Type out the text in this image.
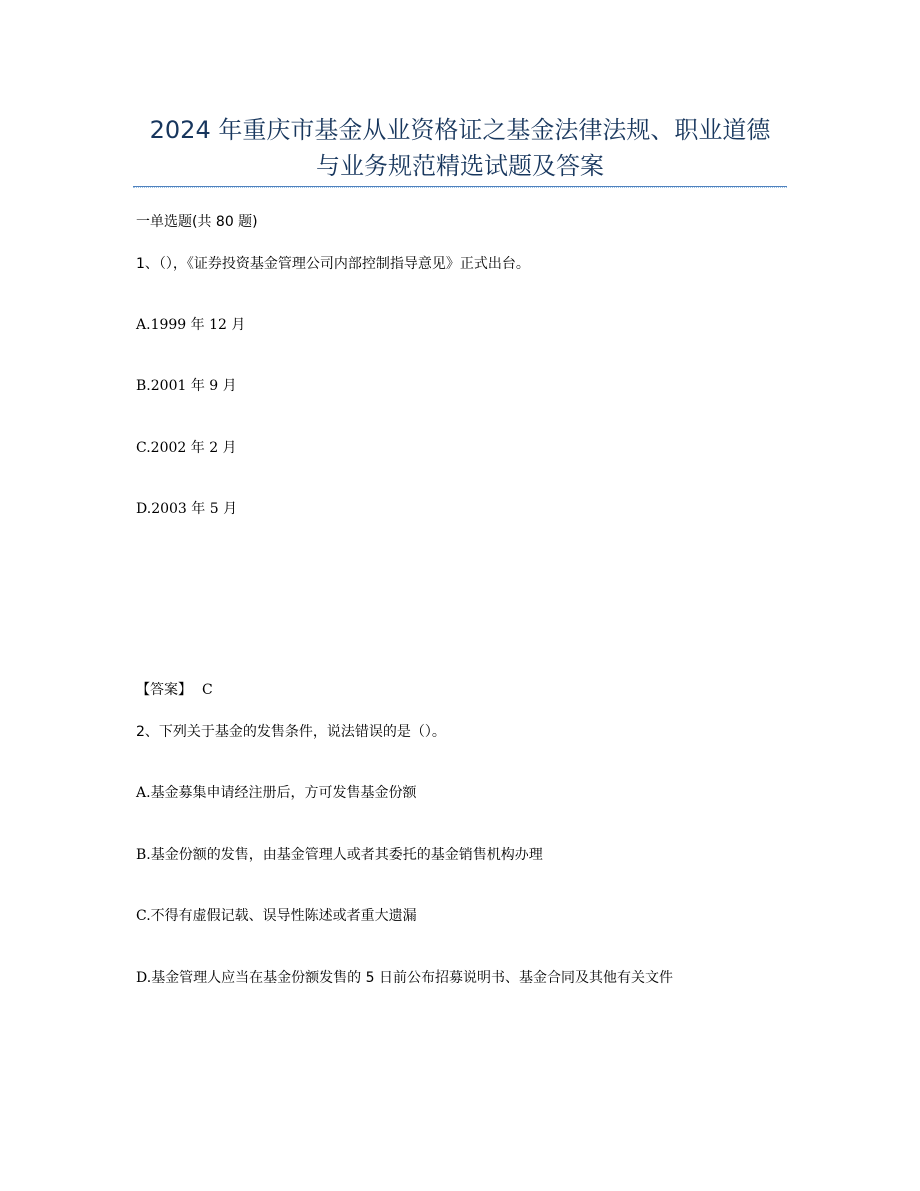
2024 年重庆市基金从业资格证之基金法律法规、职业道德
与业务规范精选试题及答案
一单选题(共 80 题)
1、（），《证券投资基金管理公司内部控制指导意见》正式出台。
A.1999 年 12 月
B.2001 年 9 月
C.2002 年 2 月
D.2003 年 5 月
【答案】 C
2、下列关于基金的发售条件，说法错误的是（）。
A.基金募集申请经注册后，方可发售基金份额
B.基金份额的发售，由基金管理人或者其委托的基金销售机构办理
C.不得有虚假记载、误导性陈述或者重大遗漏
D.基金管理人应当在基金份额发售的 5 日前公布招募说明书、基金合同及其他有关文件
